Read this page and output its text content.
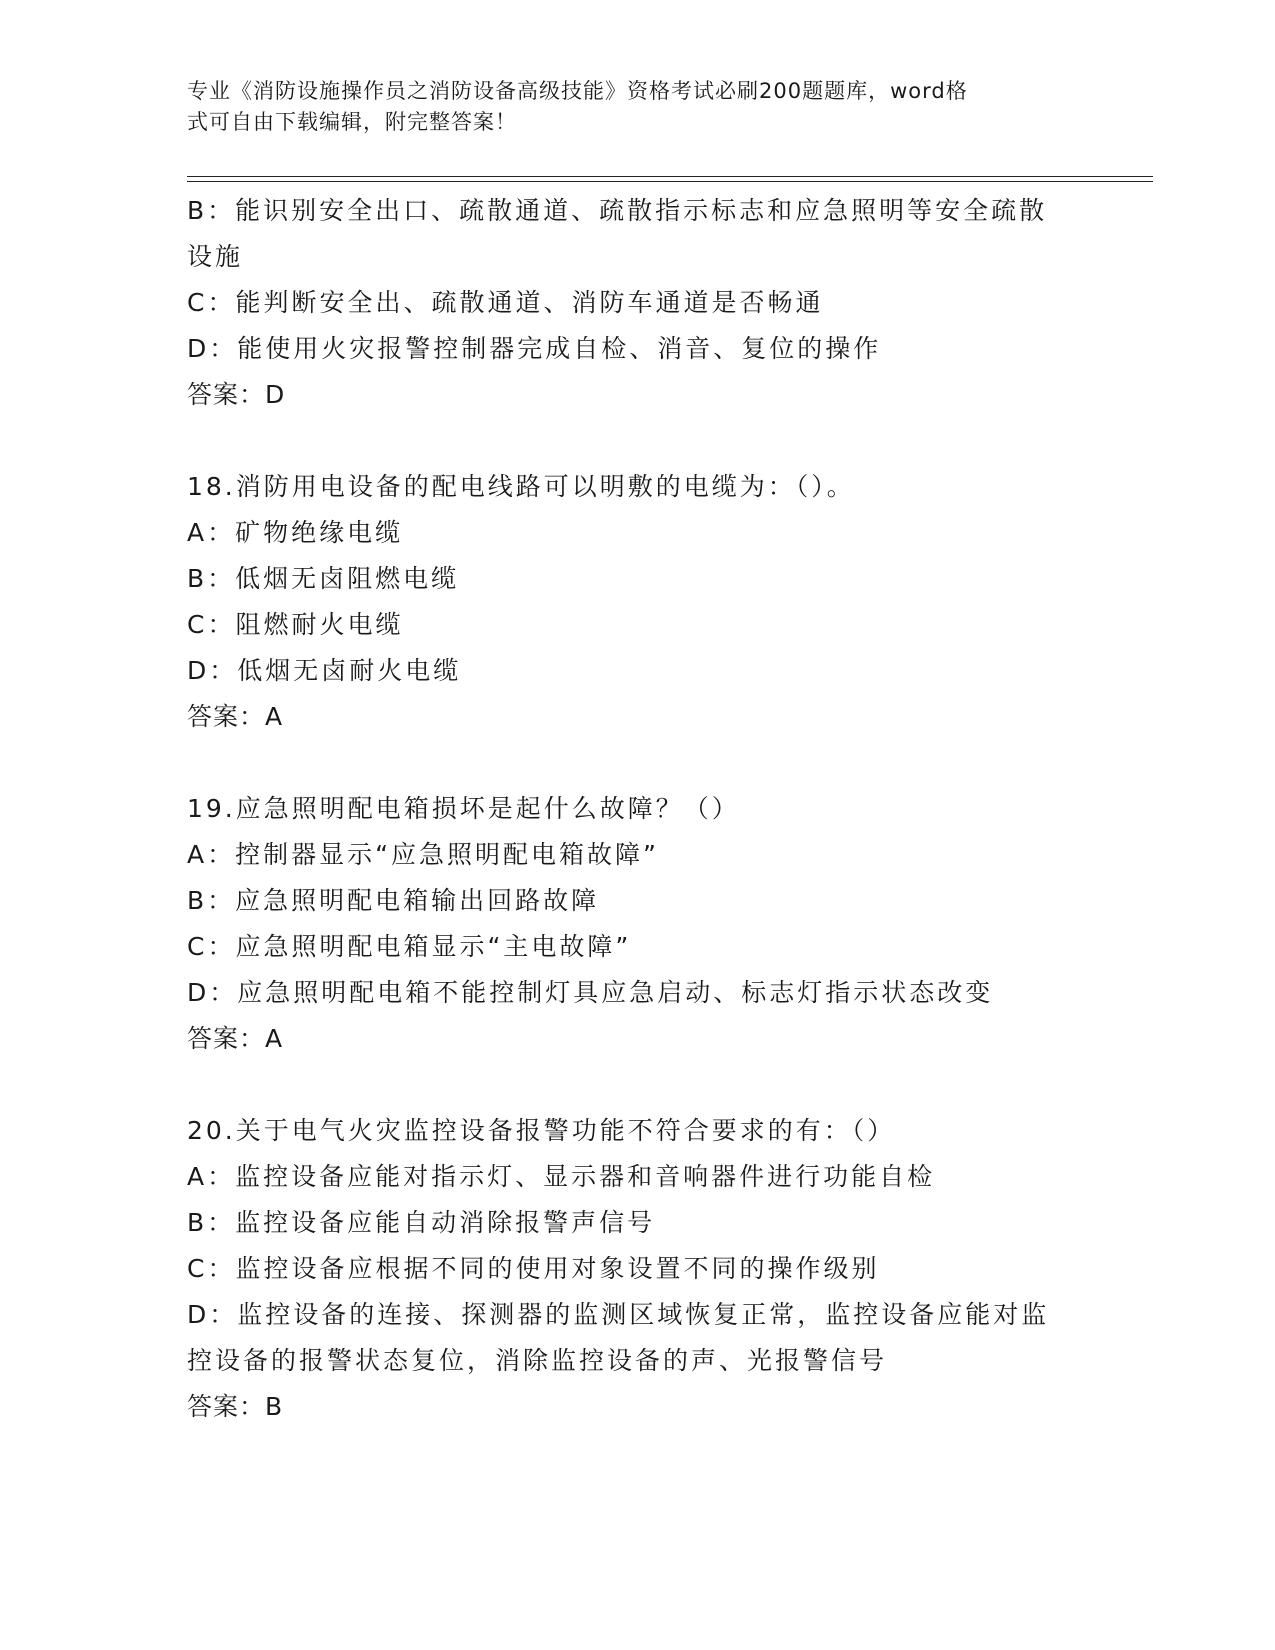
专业《消防设施操作员之消防设备高级技能》资格考试必刷200题题库，word格
式可自由下载编辑，附完整答案！
B：能识别安全出口、疏散通道、疏散指示标志和应急照明等安全疏散
设施
C：能判断安全出、疏散通道、消防车通道是否畅通
D：能使用火灾报警控制器完成自检、消音、复位的操作
答案：D
18.消防用电设备的配电线路可以明敷的电缆为：（）。
A：矿物绝缘电缆
B：低烟无卤阻燃电缆
C：阻燃耐火电缆
D：低烟无卤耐火电缆
答案：A
19.应急照明配电箱损坏是起什么故障？（）
A：控制器显示“应急照明配电箱故障”
B：应急照明配电箱输出回路故障
C：应急照明配电箱显示“主电故障”
D：应急照明配电箱不能控制灯具应急启动、标志灯指示状态改变
答案：A
20.关于电气火灾监控设备报警功能不符合要求的有：（）
A：监控设备应能对指示灯、显示器和音响器件进行功能自检
B：监控设备应能自动消除报警声信号
C：监控设备应根据不同的使用对象设置不同的操作级别
D：监控设备的连接、探测器的监测区域恢复正常，监控设备应能对监
控设备的报警状态复位，消除监控设备的声、光报警信号
答案：B
